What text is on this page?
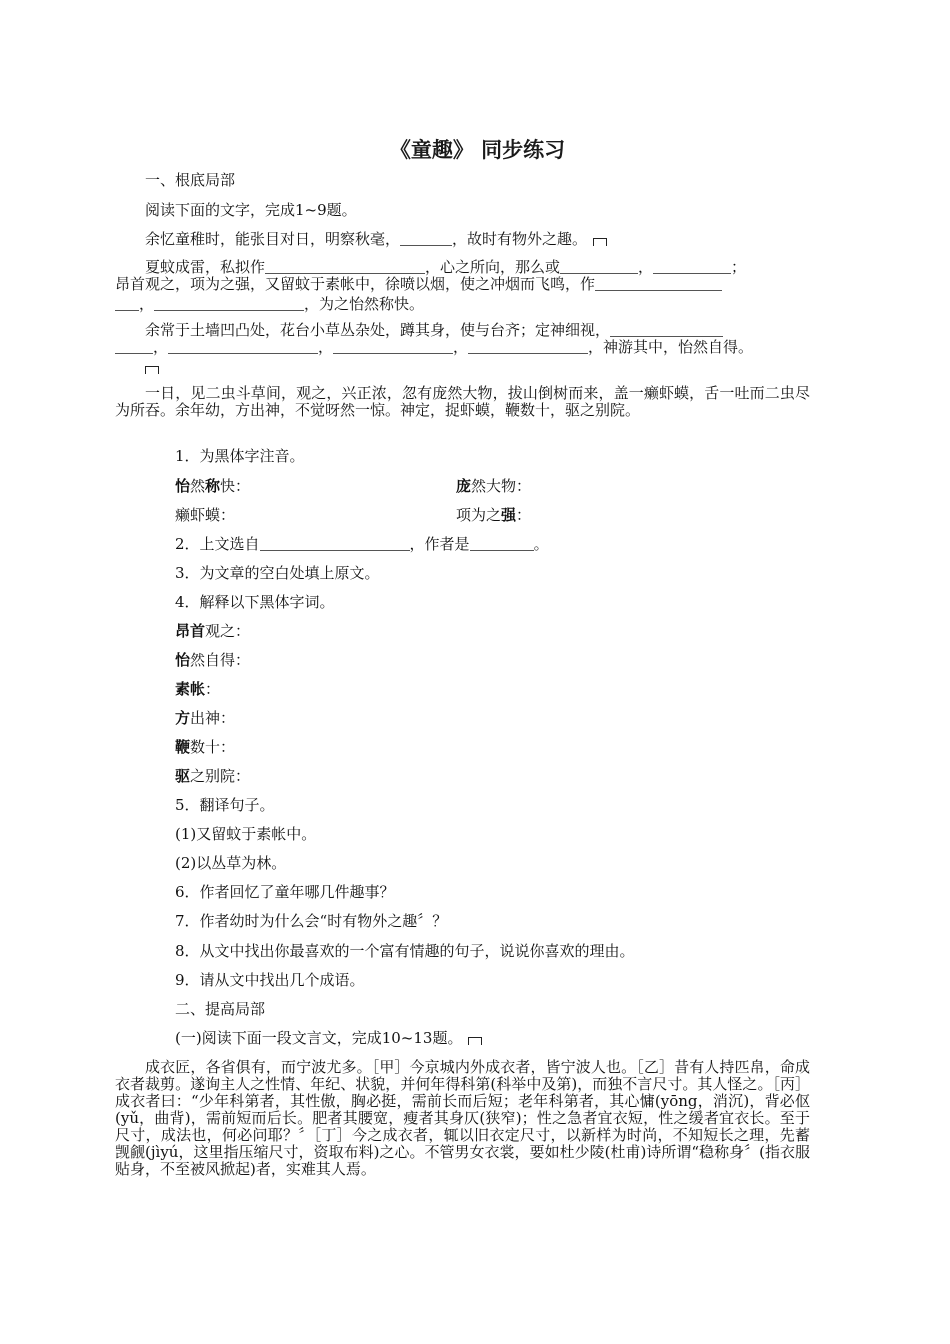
《童趣》 同步练习
一、根底局部
阅读下面的文字，完成1~9题。
余忆童稚时，能张目对日，明察秋毫，	，故时有物外之趣。
夏蚊成雷，私拟作	，心之所向，那么或	，	；
昂首观之，项为之强，又留蚊于素帐中，徐喷以烟，使之冲烟而飞鸣，作
，	，为之怡然称快。
余常于土墙凹凸处，花台小草丛杂处，蹲其身，使与台齐；定神细视，
，	，	，	，神游其中，怡然自得。
一日，见二虫斗草间，观之，兴正浓，忽有庞然大物，拔山倒树而来，盖一癞虾蟆，舌一吐而二虫尽为所吞。余年幼，方出神，不觉呀然一惊。神定，捉虾蟆，鞭数十，驱之别院。
1．为黑体字注音。
怡然称快：	庞然大物：
癞虾蟆：	项为之强：
2．上文选自	，作者是	。
3．为文章的空白处填上原文。
4．解释以下黑体字词。
昂首观之：
怡然自得：
素帐：
方出神：
鞭数十：
驱之别院：
5．翻译句子。
(1)又留蚊于素帐中。
(2)以丛草为林。
6．作者回忆了童年哪几件趣事？
7．作者幼时为什么会“时有物外之趣〞？
8．从文中找出你最喜欢的一个富有情趣的句子，说说你喜欢的理由。
9．请从文中找出几个成语。
二、提高局部
(一)阅读下面一段文言文，完成10~13题。
成衣匠，各省俱有，而宁波尤多。［甲］今京城内外成衣者，皆宁波人也。［乙］昔有人持匹帛，命成衣者裁剪。遂询主人之性情、年纪、状貌，并何年得科第(科举中及第)，而独不言尺寸。其人怪之。［丙］成衣者曰：“少年科第者，其性傲，胸必挺，需前长而后短；老年科第者，其心慵(yōng，消沉)，背必伛(yǔ，曲背)，需前短而后长。肥者其腰宽，瘦者其身仄(狭窄)；性之急者宜衣短，性之缓者宜衣长。至于尺寸，成法也，何必问耶？〞［丁］今之成衣者，辄以旧衣定尺寸，以新样为时尚，不知短长之理，先蓄觊觎(jìyú，这里指压缩尺寸，资取布料)之心。不管男女衣裳，要如杜少陵(杜甫)诗所谓“稳称身〞(指衣服贴身，不至被风掀起)者，实难其人焉。
